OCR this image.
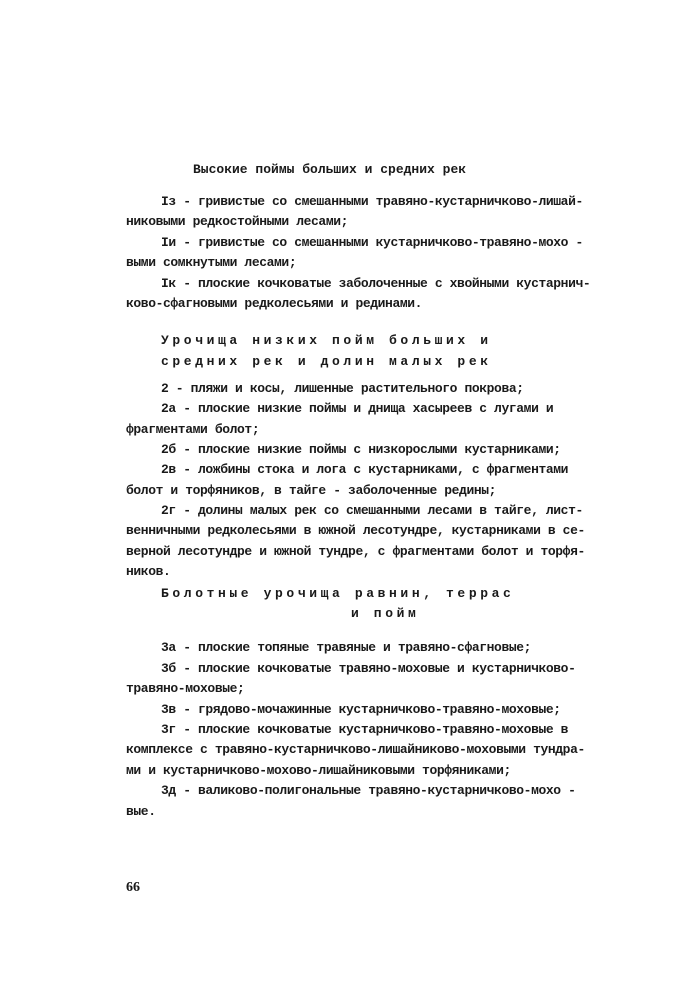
Высокие поймы больших и средних рек
Iз - гривистые со смешанными травяно-кустарничково-лишай-
никовыми редкостойными лесами;
Iи - гривистые со смешанными кустарничково-травяно-мохо -
выми сомкнутыми лесами;
Iк - плоские кочковатые заболоченные с хвойными кустарнич-
ково-сфагновыми редколесьями и рединами.
Урочища низких пойм больших и
средних рек и долин малых рек
2 - пляжи и косы, лишенные растительного покрова;
2а - плоские низкие поймы и днища хасыреев с лугами и
фрагментами болот;
2б - плоские низкие поймы с низкорослыми кустарниками;
2в - ложбины стока и лога с кустарниками, с фрагментами
болот и торфяников, в тайге - заболоченные редины;
2г - долины малых рек со смешанными лесами в тайге, лист-
венничными редколесьями в южной лесотундре, кустарниками в се-
верной лесотундре и южной тундре, с фрагментами болот и торфя-
ников.
Болотные урочища равнин, террас
и пойм
3а - плоские топяные травяные и травяно-сфагновые;
3б - плоские кочковатые травяно-моховые и кустарничково-
травяно-моховые;
3в - грядово-мочажинные кустарничково-травяно-моховые;
3г - плоские кочковатые кустарничково-травяно-моховые в
комплексе с травяно-кустарничково-лишайниково-моховыми тундра-
ми и кустарничково-мохово-лишайниковыми торфяниками;
3д - валиково-полигональные травяно-кустарничково-мохо -
вые.
66
